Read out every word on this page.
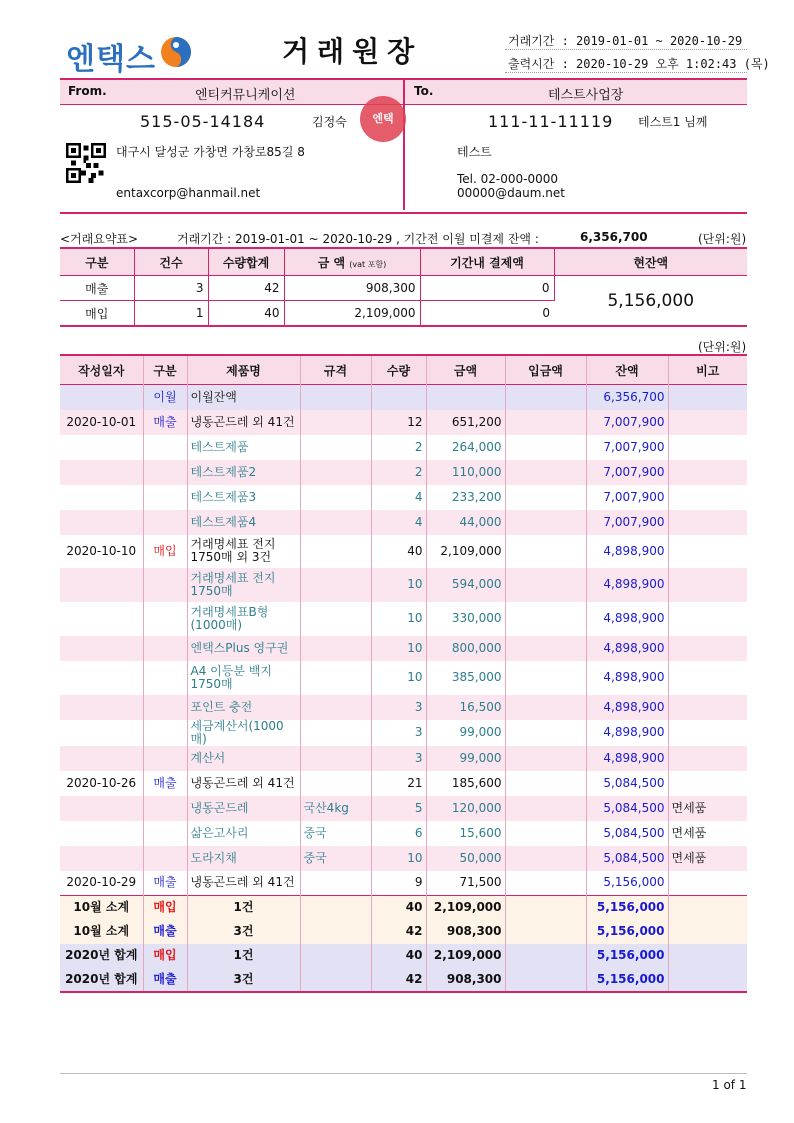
엔택스	거래원장	거래기간 : 2019-01-01 ~ 2020-10-29
출력시간 : 2020-10-29 오후 1:02:43 (목)
From.	엔티커뮤니케이션
515-05-14184	김정숙	엔택
대구시 달성군 가창면 가창로85길 8
entaxcorp@hanmail.net
To.	테스트사업장
111-11-11119 테스트1 님께
테스트
Tel. 02-000-0000
00000@daum.net
<거래요약표>	거래기간 : 2019-01-01 ~ 2020-10-29 , 기간전 이월 미결제 잔액 :	6,356,700	(단위:원)
구분	건수	수량합계	금 액 (vat 포함)	기간내 결제액	현잔액
매출	3	42	908,300	0	5,156,000
매입	1	40	2,109,000	0	
(단위:원)
작성일자	구분	제품명	규격	수량	금액	입금액	잔액	비고
	이월	이월잔액					6,356,700	
2020-10-01	매출	냉동곤드레 외 41건		12	651,200		7,007,900	
		테스트제품		2	264,000		7,007,900	
		테스트제품2		2	110,000		7,007,900	
		테스트제품3		4	233,200		7,007,900	
		테스트제품4		4	44,000		7,007,900	
2020-10-10	매입	거래명세표 전지 1750매 외 3건		40	2,109,000		4,898,900	
		거래명세표 전지 1750매		10	594,000		4,898,900	
		거래명세표B형 (1000매)		10	330,000		4,898,900	
		엔택스Plus 영구권		10	800,000		4,898,900	
		A4 이등분 백지 1750매		10	385,000		4,898,900	
		포인트 충전		3	16,500		4,898,900	
		세금계산서(1000매)		3	99,000		4,898,900	
		계산서		3	99,000		4,898,900	
2020-10-26	매출	냉동곤드레 외 41건		21	185,600		5,084,500	
		냉동곤드레	국산4kg	5	120,000		5,084,500	면세품
		삶은고사리	중국	6	15,600		5,084,500	면세품
		도라지채	중국	10	50,000		5,084,500	면세품
2020-10-29	매출	냉동곤드레 외 41건		9	71,500		5,156,000	
10월 소계	매입	1건		40	2,109,000		5,156,000	
10월 소계	매출	3건		42	908,300		5,156,000	
2020년 합계	매입	1건		40	2,109,000		5,156,000	
2020년 합계	매출	3건		42	908,300		5,156,000	
1 of 1
